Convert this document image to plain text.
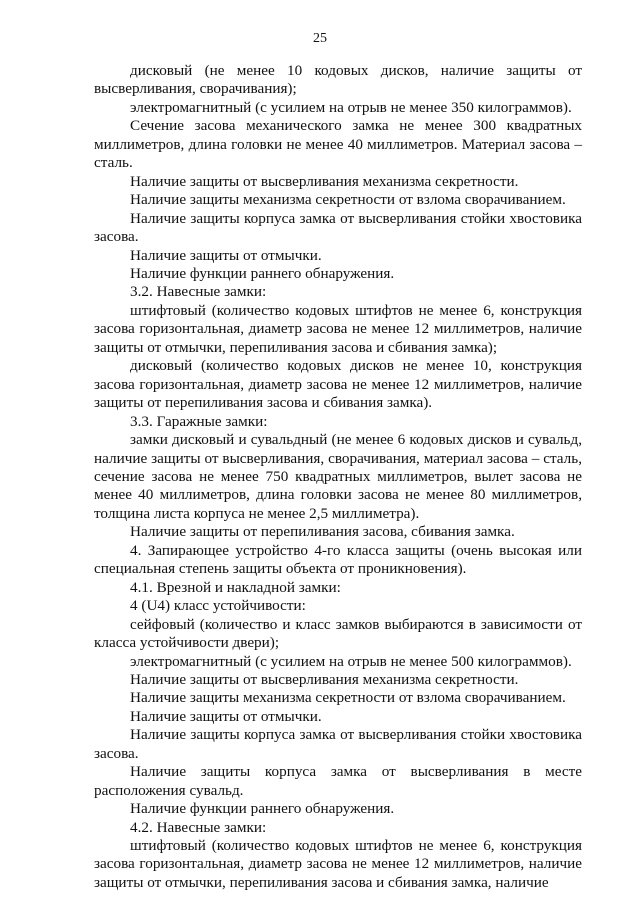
25

дисковый (не менее 10 кодовых дисков, наличие защиты от высверливания, сворачивания);

электромагнитный (с усилием на отрыв не менее 350 килограммов).

Сечение засова механического замка не менее 300 квадратных миллиметров, длина головки не менее 40 миллиметров. Материал засова – сталь.

Наличие защиты от высверливания механизма секретности.

Наличие защиты механизма секретности от взлома сворачиванием.

Наличие защиты корпуса замка от высверливания стойки хвостовика засова.

Наличие защиты от отмычки.

Наличие функции раннего обнаружения.

3.2. Навесные замки:

штифтовый (количество кодовых штифтов не менее 6, конструкция засова горизонтальная, диаметр засова не менее 12 миллиметров, наличие защиты от отмычки, перепиливания засова и сбивания замка);

дисковый (количество кодовых дисков не менее 10, конструкция засова горизонтальная, диаметр засова не менее 12 миллиметров, наличие защиты от перепиливания засова и сбивания замка).

3.3. Гаражные замки:

замки дисковый и сувальдный (не менее 6 кодовых дисков и сувальд, наличие защиты от высверливания, сворачивания, материал засова – сталь, сечение засова не менее 750 квадратных миллиметров, вылет засова не менее 40 миллиметров, длина головки засова не менее 80 миллиметров, толщина листа корпуса не менее 2,5 миллиметра).

Наличие защиты от перепиливания засова, сбивания замка.

4. Запирающее устройство 4-го класса защиты (очень высокая или специальная степень защиты объекта от проникновения).

4.1. Врезной и накладной замки:

4 (U4) класс устойчивости:

сейфовый (количество и класс замков выбираются в зависимости от класса устойчивости двери);

электромагнитный (с усилием на отрыв не менее 500 килограммов).

Наличие защиты от высверливания механизма секретности.

Наличие защиты механизма секретности от взлома сворачиванием.

Наличие защиты от отмычки.

Наличие защиты корпуса замка от высверливания стойки хвостовика засова.

Наличие защиты корпуса замка от высверливания в месте расположения сувальд.

Наличие функции раннего обнаружения.

4.2. Навесные замки:

штифтовый (количество кодовых штифтов не менее 6, конструкция засова горизонтальная, диаметр засова не менее 12 миллиметров, наличие защиты от отмычки, перепиливания засова и сбивания замка, наличие
